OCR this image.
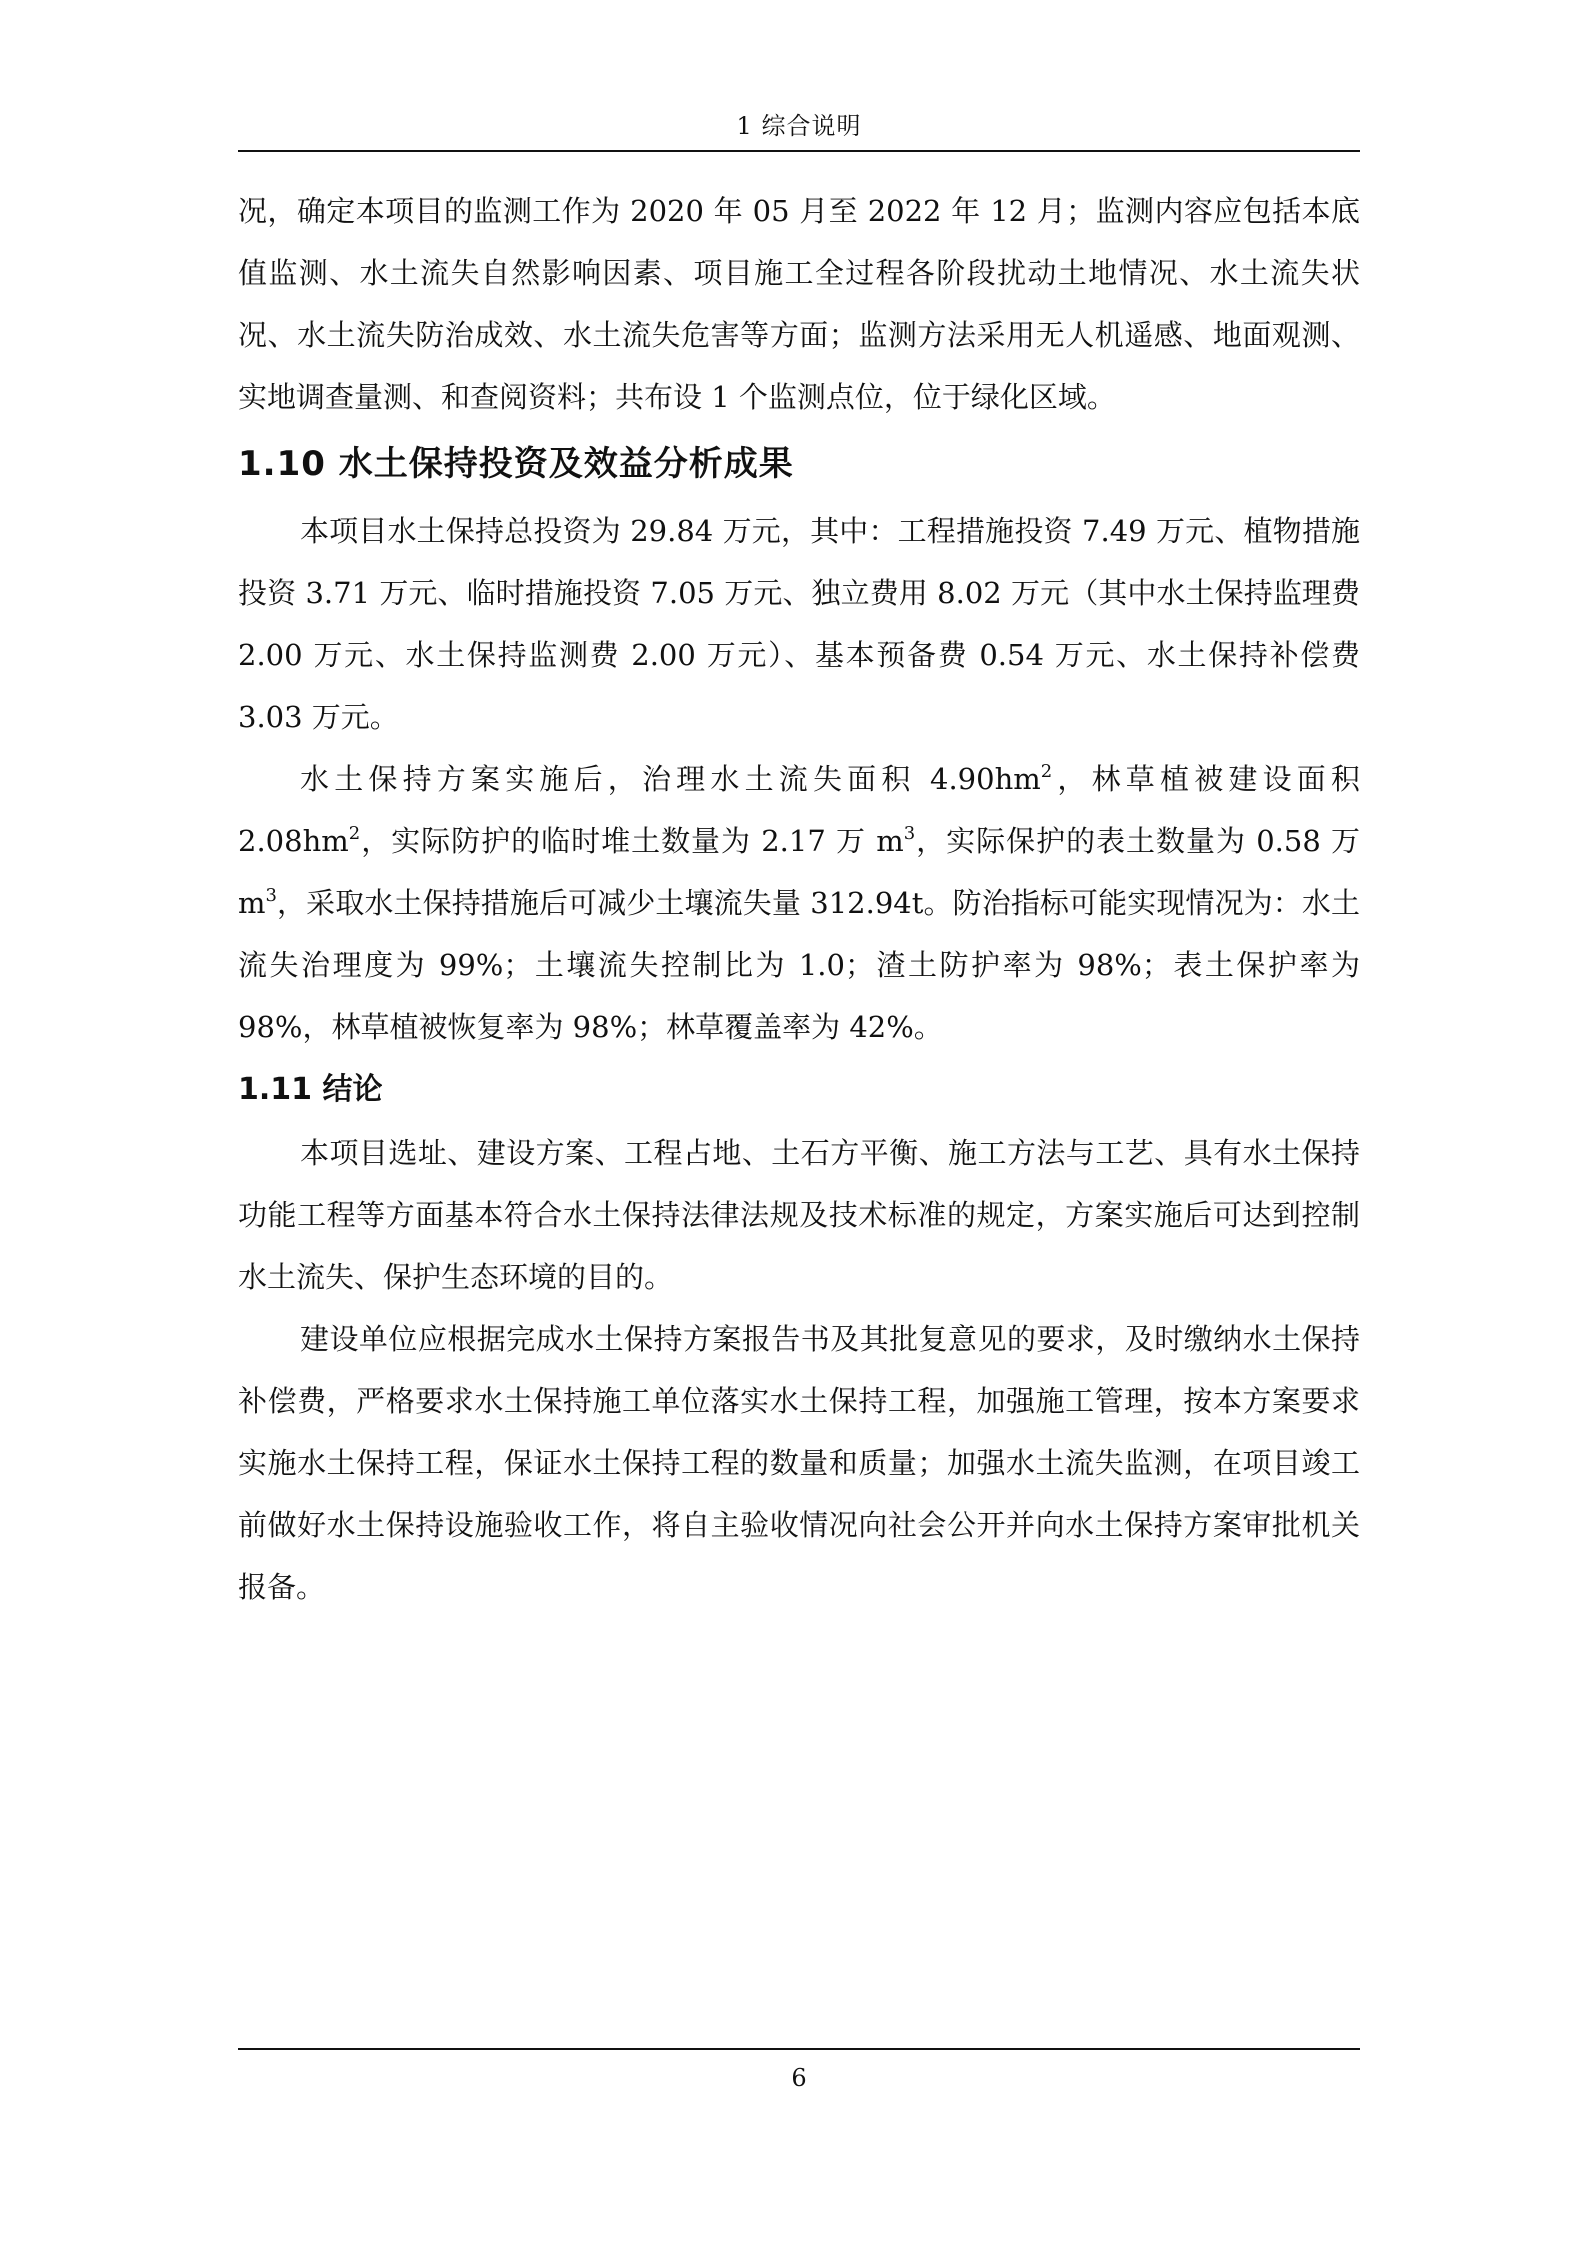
1 综合说明

况，确定本项目的监测工作为 2020 年 05 月至 2022 年 12 月；监测内容应包括本底值监测、水土流失自然影响因素、项目施工全过程各阶段扰动土地情况、水土流失状况、水土流失防治成效、水土流失危害等方面；监测方法采用无人机遥感、地面观测、实地调查量测、和查阅资料；共布设 1 个监测点位，位于绿化区域。

1.10 水土保持投资及效益分析成果

本项目水土保持总投资为 29.84 万元，其中：工程措施投资 7.49 万元、植物措施投资 3.71 万元、临时措施投资 7.05 万元、独立费用 8.02 万元（其中水土保持监理费 2.00 万元、水土保持监测费 2.00 万元）、基本预备费 0.54 万元、水土保持补偿费 3.03 万元。

水土保持方案实施后，治理水土流失面积 $4.90hm^2$，林草植被建设面积 $2.08hm^2$，实际防护的临时堆土数量为 2.17 万 $m^3$，实际保护的表土数量为 0.58 万 $m^3$，采取水土保持措施后可减少土壤流失量 312.94t。防治指标可能实现情况为：水土流失治理度为 99%；土壤流失控制比为 1.0；渣土防护率为 98%；表土保护率为 98%，林草植被恢复率为 98%；林草覆盖率为 42%。

1.11 结论

本项目选址、建设方案、工程占地、土石方平衡、施工方法与工艺、具有水土保持功能工程等方面基本符合水土保持法律法规及技术标准的规定，方案实施后可达到控制水土流失、保护生态环境的目的。

建设单位应根据完成水土保持方案报告书及其批复意见的要求，及时缴纳水土保持补偿费，严格要求水土保持施工单位落实水土保持工程，加强施工管理，按本方案要求实施水土保持工程，保证水土保持工程的数量和质量；加强水土流失监测，在项目竣工前做好水土保持设施验收工作，将自主验收情况向社会公开并向水土保持方案审批机关报备。

6
